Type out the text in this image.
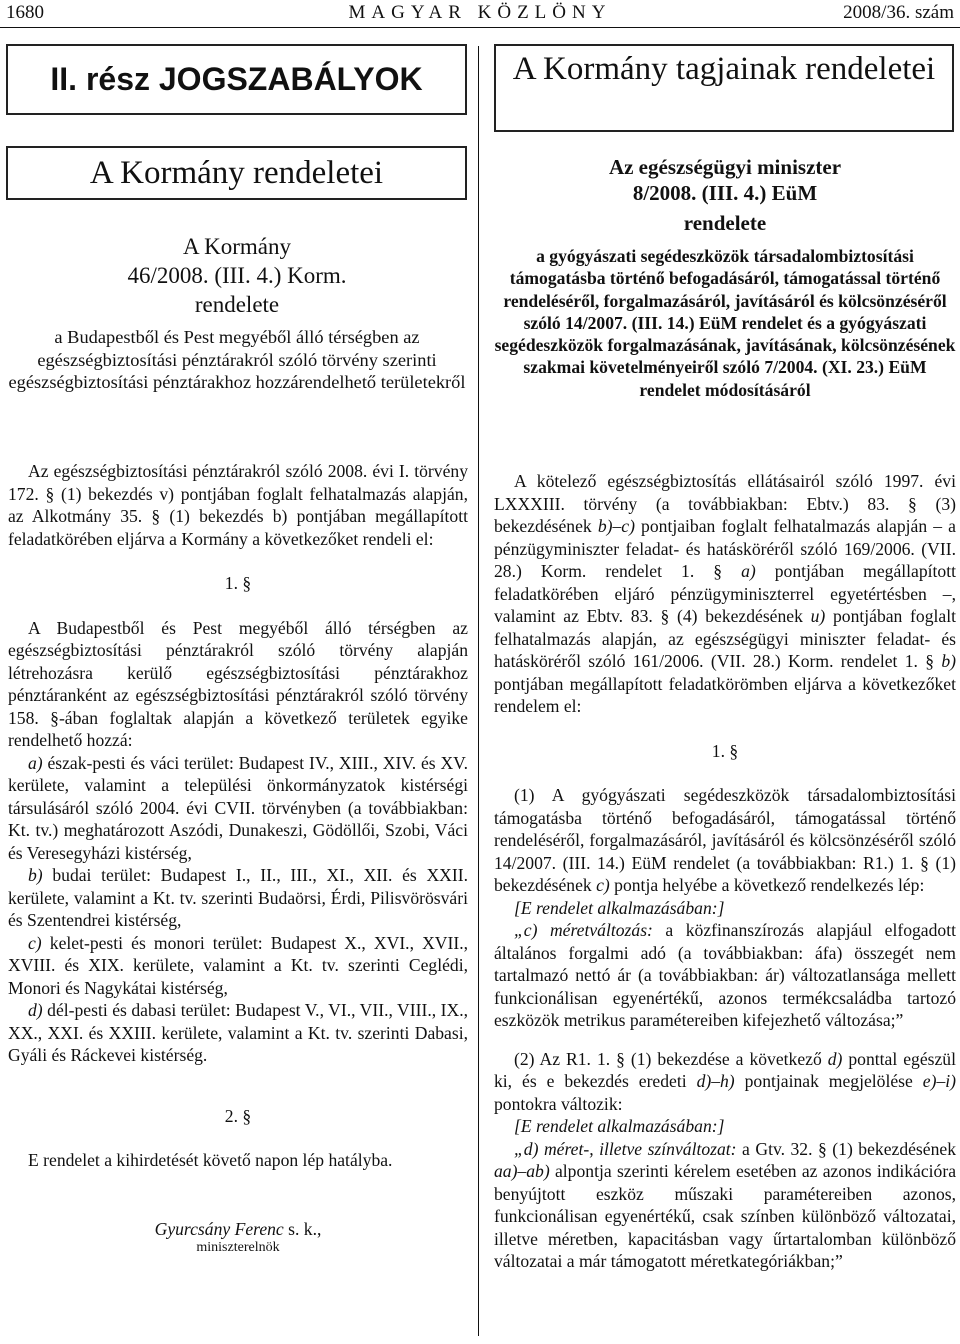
1680	MAGYAR KÖZLÖNY	2008/36. szám
II. rész JOGSZABÁLYOK
A Kormány rendeletei
A Kormány
46/2008. (III. 4.) Korm.
rendelete
a Budapestből és Pest megyéből álló térségben az egészségbiztosítási pénztárakról szóló törvény szerinti egészségbiztosítási pénztárakhoz hozzárendelhető területekről

Az egészségbiztosítási pénztárakról szóló 2008. évi I. törvény 172. § (1) bekezdés v) pontjában foglalt felhatalmazás alapján, az Alkotmány 35. § (1) bekezdés b) pontjában megállapított feladatkörében eljárva a Kormány a következőket rendeli el:

1. §

A Budapestből és Pest megyéből álló térségben az egészségbiztosítási pénztárakról szóló törvény alapján létrehozásra kerülő egészségbiztosítási pénztárakhoz pénztáranként az egészségbiztosítási pénztárakról szóló törvény 158. §-ában foglaltak alapján a következő területek egyike rendelhető hozzá:

a) észak-pesti és váci terület: Budapest IV., XIII., XIV. és XV. kerülete, valamint a települési önkormányzatok kistérségi társulásáról szóló 2004. évi CVII. törvényben (a továbbiakban: Kt. tv.) meghatározott Aszódi, Dunakeszi, Gödöllői, Szobi, Váci és Veresegyházi kistérség,

b) budai terület: Budapest I., II., III., XI., XII. és XXII. kerülete, valamint a Kt. tv. szerinti Budaörsi, Érdi, Pilisvörösvári és Szentendrei kistérség,

c) kelet-pesti és monori terület: Budapest X., XVI., XVII., XVIII. és XIX. kerülete, valamint a Kt. tv. szerinti Ceglédi, Monori és Nagykátai kistérség,

d) dél-pesti és dabasi terület: Budapest V., VI., VII., VIII., IX., XX., XXI. és XXIII. kerülete, valamint a Kt. tv. szerinti Dabasi, Gyáli és Ráckevei kistérség.

2. §

E rendelet a kihirdetését követő napon lép hatályba.

Gyurcsány Ferenc s. k.,
miniszterelnök
A Kormány tagjainak rendeletei
Az egészségügyi miniszter
8/2008. (III. 4.) EüM
rendelete
a gyógyászati segédeszközök társadalombiztosítási támogatásba történő befogadásáról, támogatással történő rendeléséről, forgalmazásáról, javításáról és kölcsönzéséről szóló 14/2007. (III. 14.) EüM rendelet és a gyógyászati segédeszközök forgalmazásának, javításának, kölcsönzésének szakmai követelményeiről szóló 7/2004. (XI. 23.) EüM rendelet módosításáról

A kötelező egészségbiztosítás ellátásairól szóló 1997. évi LXXXIII. törvény (a továbbiakban: Ebtv.) 83. § (3) bekezdésének b)–c) pontjaiban foglalt felhatalmazás alapján – a pénzügyminiszter feladat- és hatásköréről szóló 169/2006. (VII. 28.) Korm. rendelet 1. § a) pontjában megállapított feladatkörében eljáró pénzügyminiszterrel egyetértésben –, valamint az Ebtv. 83. § (4) bekezdésének u) pontjában foglalt felhatalmazás alapján, az egészségügyi miniszter feladat- és hatásköréről szóló 161/2006. (VII. 28.) Korm. rendelet 1. § b) pontjában megállapított feladatkörömben eljárva a következőket rendelem el:

1. §

(1) A gyógyászati segédeszközök társadalombiztosítási támogatásba történő befogadásáról, támogatással történő rendeléséről, forgalmazásáról, javításáról és kölcsönzéséről szóló 14/2007. (III. 14.) EüM rendelet (a továbbiakban: R1.) 1. § (1) bekezdésének c) pontja helyébe a következő rendelkezés lép:

[E rendelet alkalmazásában:]

„c) méretváltozás: a közfinanszírozás alapjául elfogadott általános forgalmi adó (a továbbiakban: áfa) összegét nem tartalmazó nettó ár (a továbbiakban: ár) változatlansága mellett funkcionálisan egyenértékű, azonos termékcsaládba tartozó eszközök metrikus paramétereiben kifejezhető változása;”

(2) Az R1. 1. § (1) bekezdése a következő d) ponttal egészül ki, és e bekezdés eredeti d)–h) pontjainak megjelölése e)–i) pontokra változik:

[E rendelet alkalmazásában:]

„d) méret-, illetve színváltozat: a Gtv. 32. § (1) bekezdésének aa)–ab) alpontja szerinti kérelem esetében az azonos indikációra benyújtott eszköz műszaki paramétereiben azonos, funkcionálisan egyenértékű, csak színben különböző változatai, illetve méretben, kapacitásban vagy űrtartalomban különböző változatai a már támogatott méretkategóriákban;”
